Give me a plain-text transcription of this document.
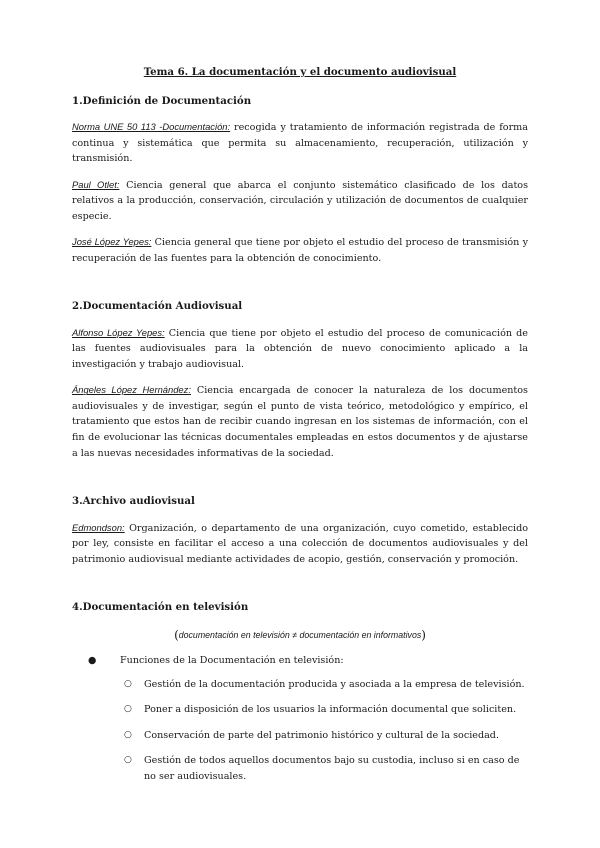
Tema 6. La documentación y el documento audiovisual
1.Definición de Documentación

Norma UNE 50 113 -Documentación: recogida y tratamiento de información registrada de forma continua y sistemática que permita su almacenamiento, recuperación, utilización y transmisión.

Paul Otlet: Ciencia general que abarca el conjunto sistemático clasificado de los datos relativos a la producción, conservación, circulación y utilización de documentos de cualquier especie.

José López Yepes: Ciencia general que tiene por objeto el estudio del proceso de transmisión y recuperación de las fuentes para la obtención de conocimiento.

2.Documentación Audiovisual

Alfonso López Yepes: Ciencia que tiene por objeto el estudio del proceso de comunicación de las fuentes audiovisuales para la obtención de nuevo conocimiento aplicado a la investigación y trabajo audiovisual.

Ángeles López Hernández: Ciencia encargada de conocer la naturaleza de los documentos audiovisuales y de investigar, según el punto de vista teórico, metodológico y empírico, el tratamiento que estos han de recibir cuando ingresan en los sistemas de información, con el fin de evolucionar las técnicas documentales empleadas en estos documentos y de ajustarse a las nuevas necesidades informativas de la sociedad.

3.Archivo audiovisual

Edmondson: Organización, o departamento de una organización, cuyo cometido, establecido por ley, consiste en facilitar el acceso a una colección de documentos audiovisuales y del patrimonio audiovisual mediante actividades de acopio, gestión, conservación y promoción.

4.Documentación en televisión
(documentación en televisión ≠ documentación en informativos)
● Funciones de la Documentación en televisión:
○ Gestión de la documentación producida y asociada a la empresa de televisión.
○ Poner a disposición de los usuarios la información documental que soliciten.
○ Conservación de parte del patrimonio histórico y cultural de la sociedad.
○ Gestión de todos aquellos documentos bajo su custodia, incluso si en caso de no ser audiovisuales.
